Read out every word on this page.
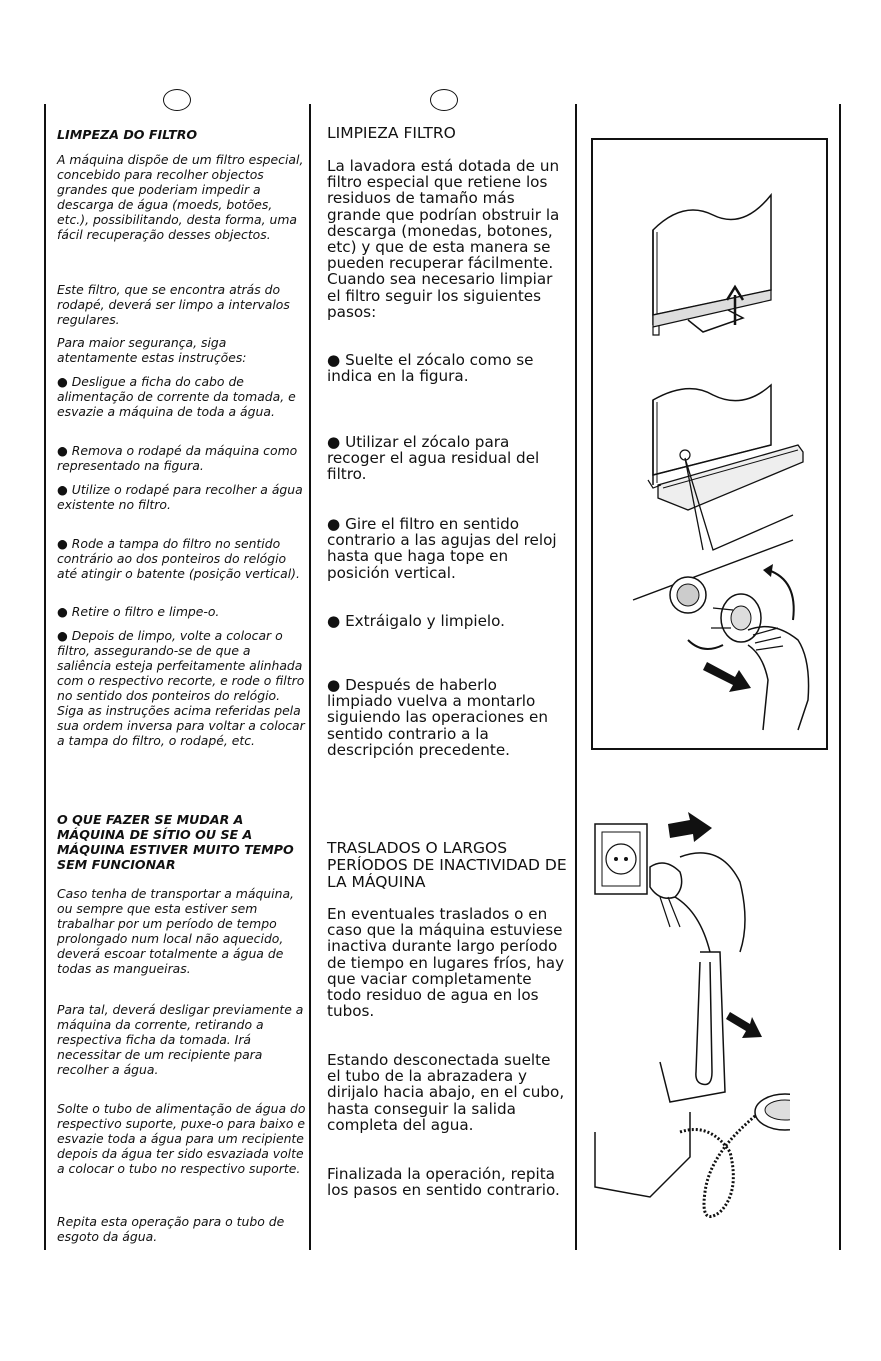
LIMPEZA DO FILTRO

A máquina dispõe de um filtro especial, concebido para recolher objectos grandes que poderiam impedir a descarga de água (moeds, botões, etc.), possibilitando, desta forma, uma fácil recuperação desses objectos.

Este filtro, que se encontra atrás do rodapé, deverá ser limpo a intervalos regulares.

Para maior segurança, siga atentamente estas instruções:

● Desligue a ficha do cabo de alimentação de corrente da tomada, e esvazie a máquina de toda a água.

● Remova o rodapé da máquina como representado na figura.

● Utilize o rodapé para recolher a água existente no filtro.

● Rode a tampa do filtro no sentido contrário ao dos ponteiros do relógio até atingir o batente (posição vertical).

● Retire o filtro e limpe-o.

● Depois de limpo, volte a colocar o filtro, assegurando-se de que a saliência esteja perfeitamente alinhada com o respectivo recorte, e rode o filtro no sentido dos ponteiros do relógio. Siga as instruções acima referidas pela sua ordem inversa para voltar a colocar a tampa do filtro, o rodapé, etc.

O QUE FAZER SE MUDAR A MÁQUINA DE SÍTIO OU SE A MÁQUINA ESTIVER MUITO TEMPO SEM FUNCIONAR

Caso tenha de transportar a máquina, ou sempre que esta estiver sem trabalhar por um período de tempo prolongado num local não aquecido, deverá escoar totalmente a água de todas as mangueiras.

Para tal, deverá desligar previamente a máquina da corrente, retirando a respectiva ficha da tomada. Irá necessitar de um recipiente para recolher a água.

Solte o tubo de alimentação de água do respectivo suporte, puxe-o para baixo e esvazie toda a água para um recipiente depois da água ter sido esvaziada volte a colocar o tubo no respectivo suporte.

Repita esta operação para o tubo de esgoto da água.

LIMPIEZA FILTRO

La lavadora está dotada de un filtro especial que retiene los residuos de tamaño más grande que podrían obstruir la descarga (monedas, botones, etc) y que de esta manera se pueden recuperar fácilmente. Cuando sea necesario limpiar el filtro seguir los siguientes pasos:

● Suelte el zócalo como se indica en la figura.

● Utilizar el zócalo para recoger el agua residual del filtro.

● Gire el filtro en sentido contrario a las agujas del reloj hasta que haga tope en posición vertical.

● Extráigalo y limpielo.

● Después de haberlo limpiado vuelva a montarlo siguiendo las operaciones en sentido contrario a la descripción precedente.

TRASLADOS O LARGOS PERÍODOS DE INACTIVIDAD DE LA MÁQUINA

En eventuales traslados o en caso que la máquina estuviese inactiva durante largo período de tiempo en lugares fríos, hay que vaciar completamente todo residuo de agua en los tubos.

Estando desconectada suelte el tubo de la abrazadera y dirijalo hacia abajo, en el cubo, hasta conseguir la salida completa del agua.

Finalizada la operación, repita los pasos en sentido contrario.
